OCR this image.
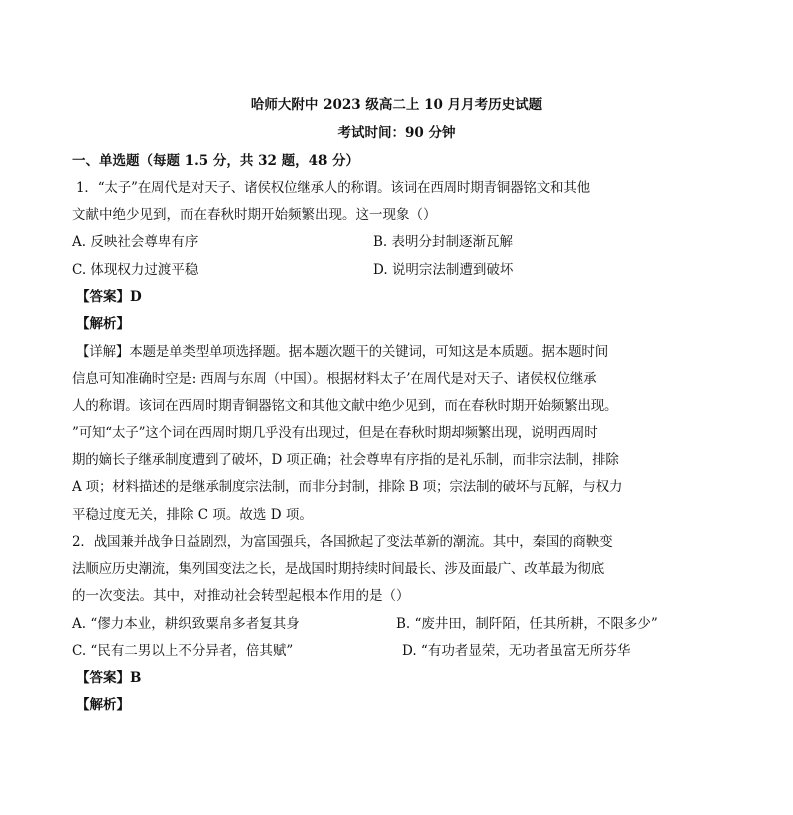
哈师大附中 2023 级高二上 10 月月考历史试题
考试时间：90 分钟
一、单选题（每题 1.5 分，共 32 题，48 分）
1．“太子”在周代是对天子、诸侯权位继承人的称谓。该词在西周时期青铜器铭文和其他
文献中绝少见到，而在春秋时期开始频繁出现。这一现象（）
A. 反映社会尊卑有序	B. 表明分封制逐渐瓦解
C. 体现权力过渡平稳	D. 说明宗法制遭到破坏
【答案】D
【解析】
【详解】本题是单类型单项选择题。据本题次题干的关键词，可知这是本质题。据本题时间
信息可知准确时空是: 西周与东周（中国）。根据材料太子’在周代是对天子、诸侯权位继承
人的称谓。该词在西周时期青铜器铭文和其他文献中绝少见到，而在春秋时期开始频繁出现。
”可知“太子”这个词在西周时期几乎没有出现过，但是在春秋时期却频繁出现，说明西周时
期的嫡长子继承制度遭到了破坏，D 项正确；社会尊卑有序指的是礼乐制，而非宗法制，排除
A 项；材料描述的是继承制度宗法制，而非分封制，排除 B 项；宗法制的破坏与瓦解，与权力
平稳过度无关，排除 C 项。故选 D 项。
2．战国兼并战争日益剧烈，为富国强兵，各国掀起了变法革新的潮流。其中，秦国的商鞅变
法顺应历史潮流，集列国变法之长，是战国时期持续时间最长、涉及面最广、改革最为彻底
的一次变法。其中，对推动社会转型起根本作用的是（）
A. “僇力本业，耕织致粟帛多者复其身	B. “废井田，制阡陌，任其所耕，不限多少”
C. “民有二男以上不分异者，倍其赋”	D. “有功者显荣，无功者虽富无所芬华
【答案】B
【解析】
